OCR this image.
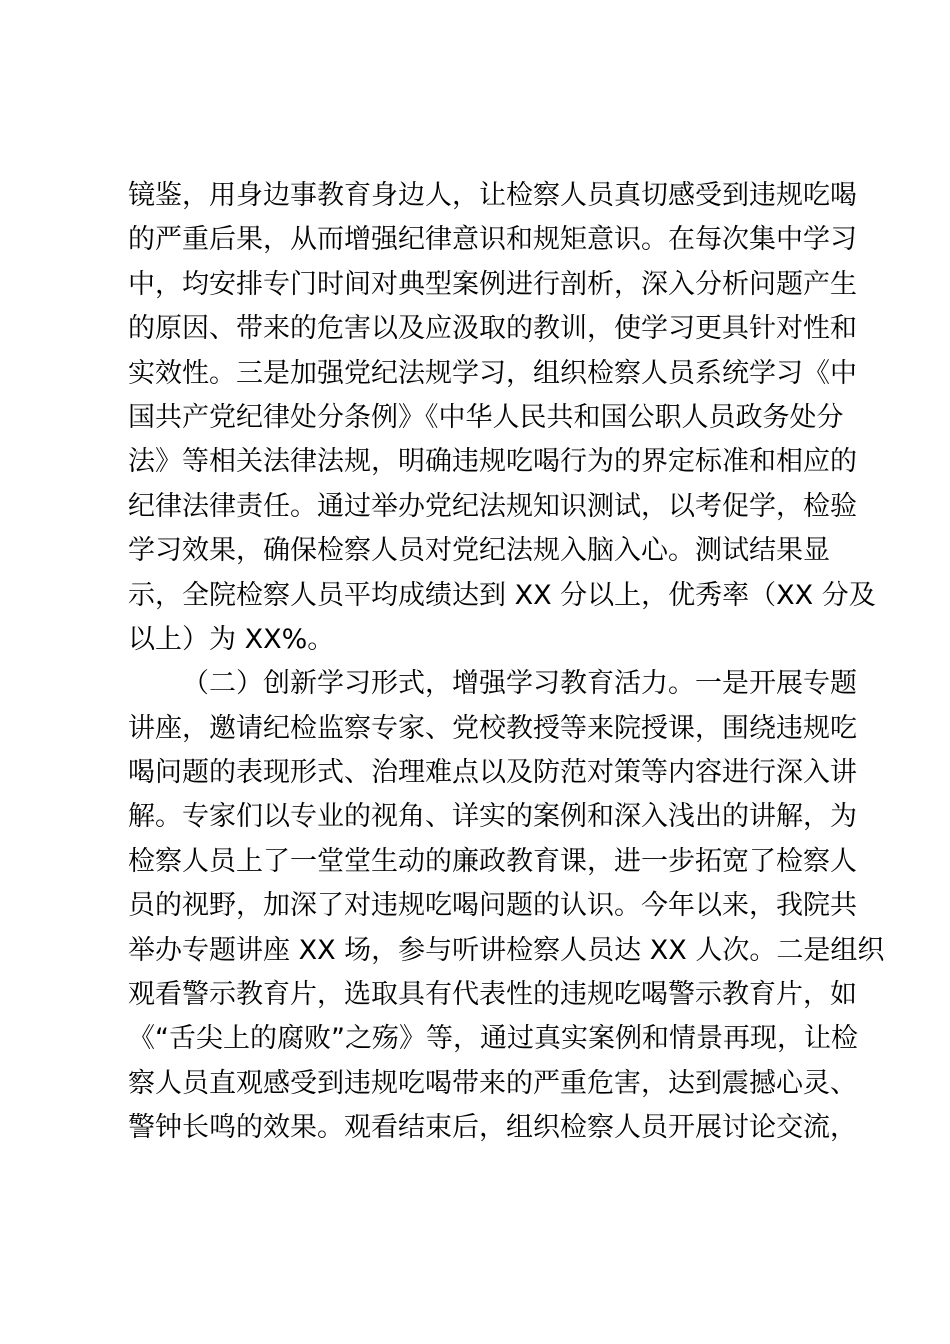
镜鉴，用身边事教育身边人，让检察人员真切感受到违规吃喝
的严重后果，从而增强纪律意识和规矩意识。在每次集中学习
中，均安排专门时间对典型案例进行剖析，深入分析问题产生
的原因、带来的危害以及应汲取的教训，使学习更具针对性和
实效性。三是加强党纪法规学习，组织检察人员系统学习《中
国共产党纪律处分条例》《中华人民共和国公职人员政务处分
法》等相关法律法规，明确违规吃喝行为的界定标准和相应的
纪律法律责任。通过举办党纪法规知识测试，以考促学，检验
学习效果，确保检察人员对党纪法规入脑入心。测试结果显
示，全院检察人员平均成绩达到 XX 分以上，优秀率（XX 分及
以上）为 XX%。
（二）创新学习形式，增强学习教育活力。一是开展专题
讲座，邀请纪检监察专家、党校教授等来院授课，围绕违规吃
喝问题的表现形式、治理难点以及防范对策等内容进行深入讲
解。专家们以专业的视角、详实的案例和深入浅出的讲解，为
检察人员上了一堂堂生动的廉政教育课，进一步拓宽了检察人
员的视野，加深了对违规吃喝问题的认识。今年以来，我院共
举办专题讲座 XX 场，参与听讲检察人员达 XX 人次。二是组织
观看警示教育片，选取具有代表性的违规吃喝警示教育片，如
《“舌尖上的腐败”之殇》等，通过真实案例和情景再现，让检
察人员直观感受到违规吃喝带来的严重危害，达到震撼心灵、
警钟长鸣的效果。观看结束后，组织检察人员开展讨论交流，
